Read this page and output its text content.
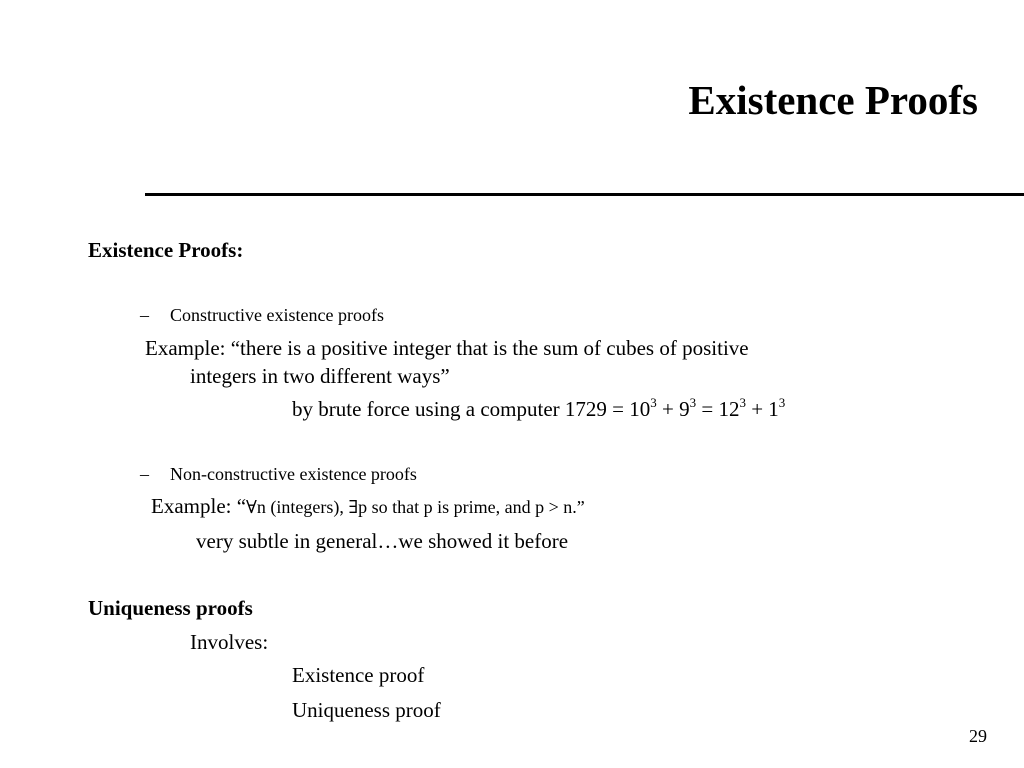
Existence Proofs
Existence Proofs:
– Constructive existence proofs
Example: “there is a positive integer that is the sum of cubes of positive
integers in two different ways”
by brute force using a computer $1729 = 10^3 + 9^3 = 12^3 + 1^3$
– Non-constructive existence proofs
Example: “∀n (integers), ∃p so that p is prime, and p > n.”
very subtle in general…we showed it before
Uniqueness proofs
Involves:
Existence proof
Uniqueness proof
29
